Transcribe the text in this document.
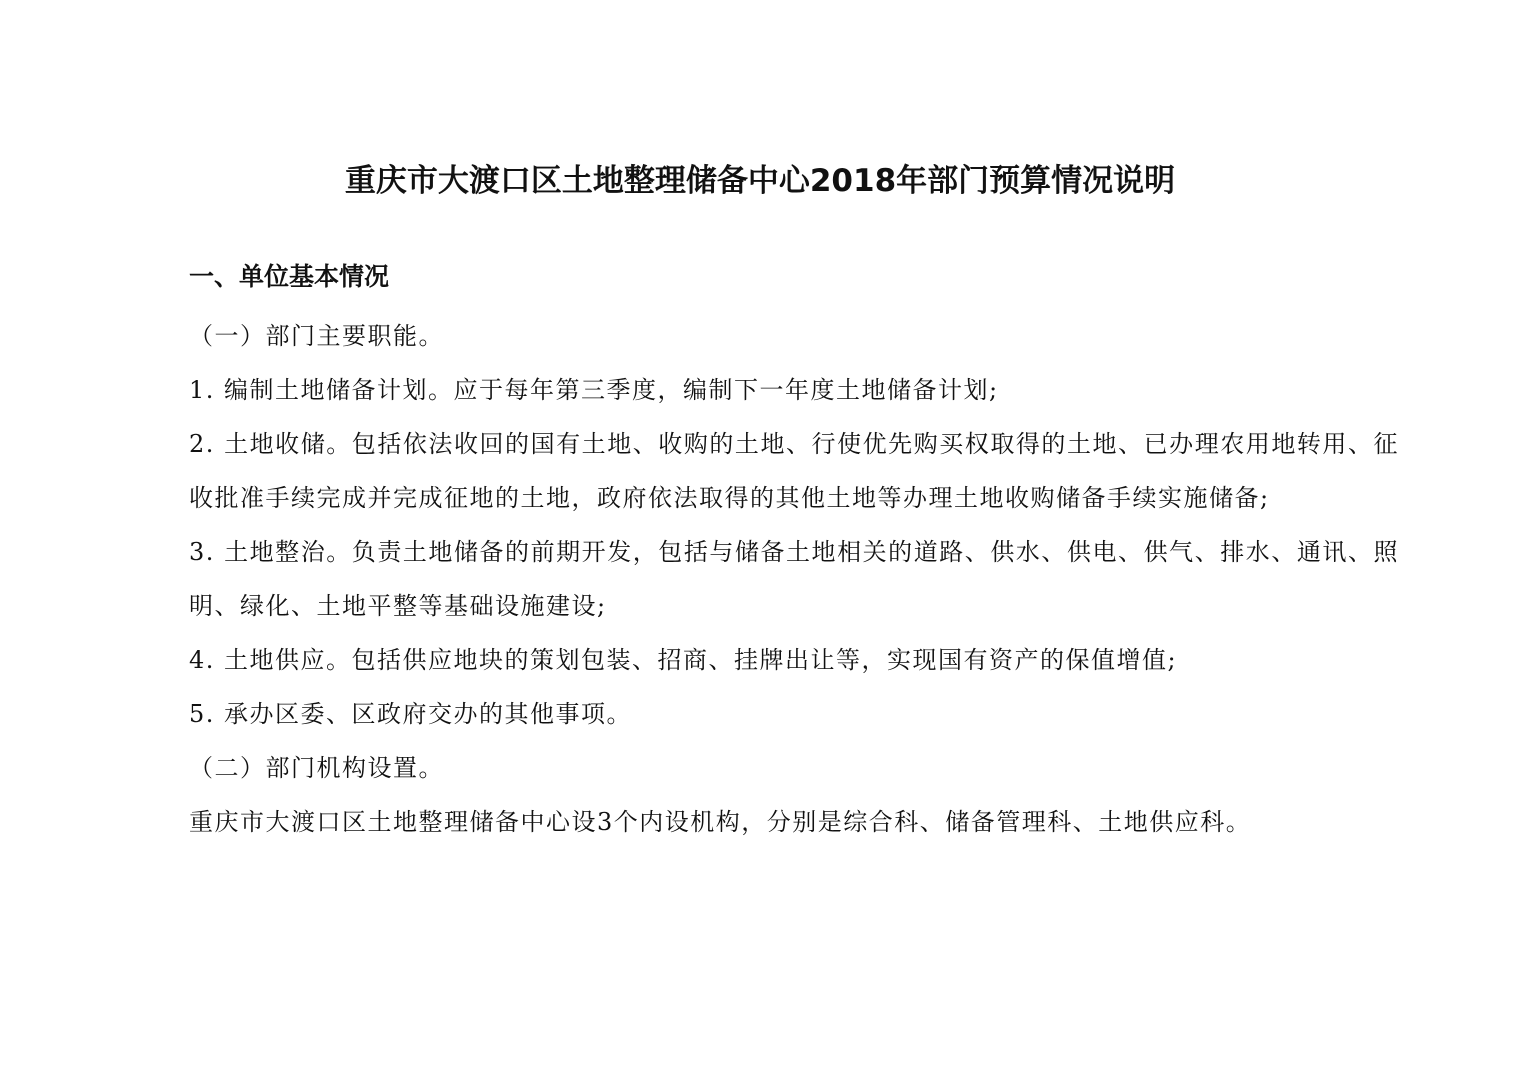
重庆市大渡口区土地整理储备中心2018年部门预算情况说明
一、单位基本情况

（一）部门主要职能。

1. 编制土地储备计划。应于每年第三季度，编制下一年度土地储备计划;

2. 土地收储。包括依法收回的国有土地、收购的土地、行使优先购买权取得的土地、已办理农用地转用、征收批准手续完成并完成征地的土地，政府依法取得的其他土地等办理土地收购储备手续实施储备;

3. 土地整治。负责土地储备的前期开发，包括与储备土地相关的道路、供水、供电、供气、排水、通讯、照明、绿化、土地平整等基础设施建设;

4. 土地供应。包括供应地块的策划包装、招商、挂牌出让等，实现国有资产的保值增值;

5. 承办区委、区政府交办的其他事项。

（二）部门机构设置。

重庆市大渡口区土地整理储备中心设3个内设机构，分别是综合科、储备管理科、土地供应科。
